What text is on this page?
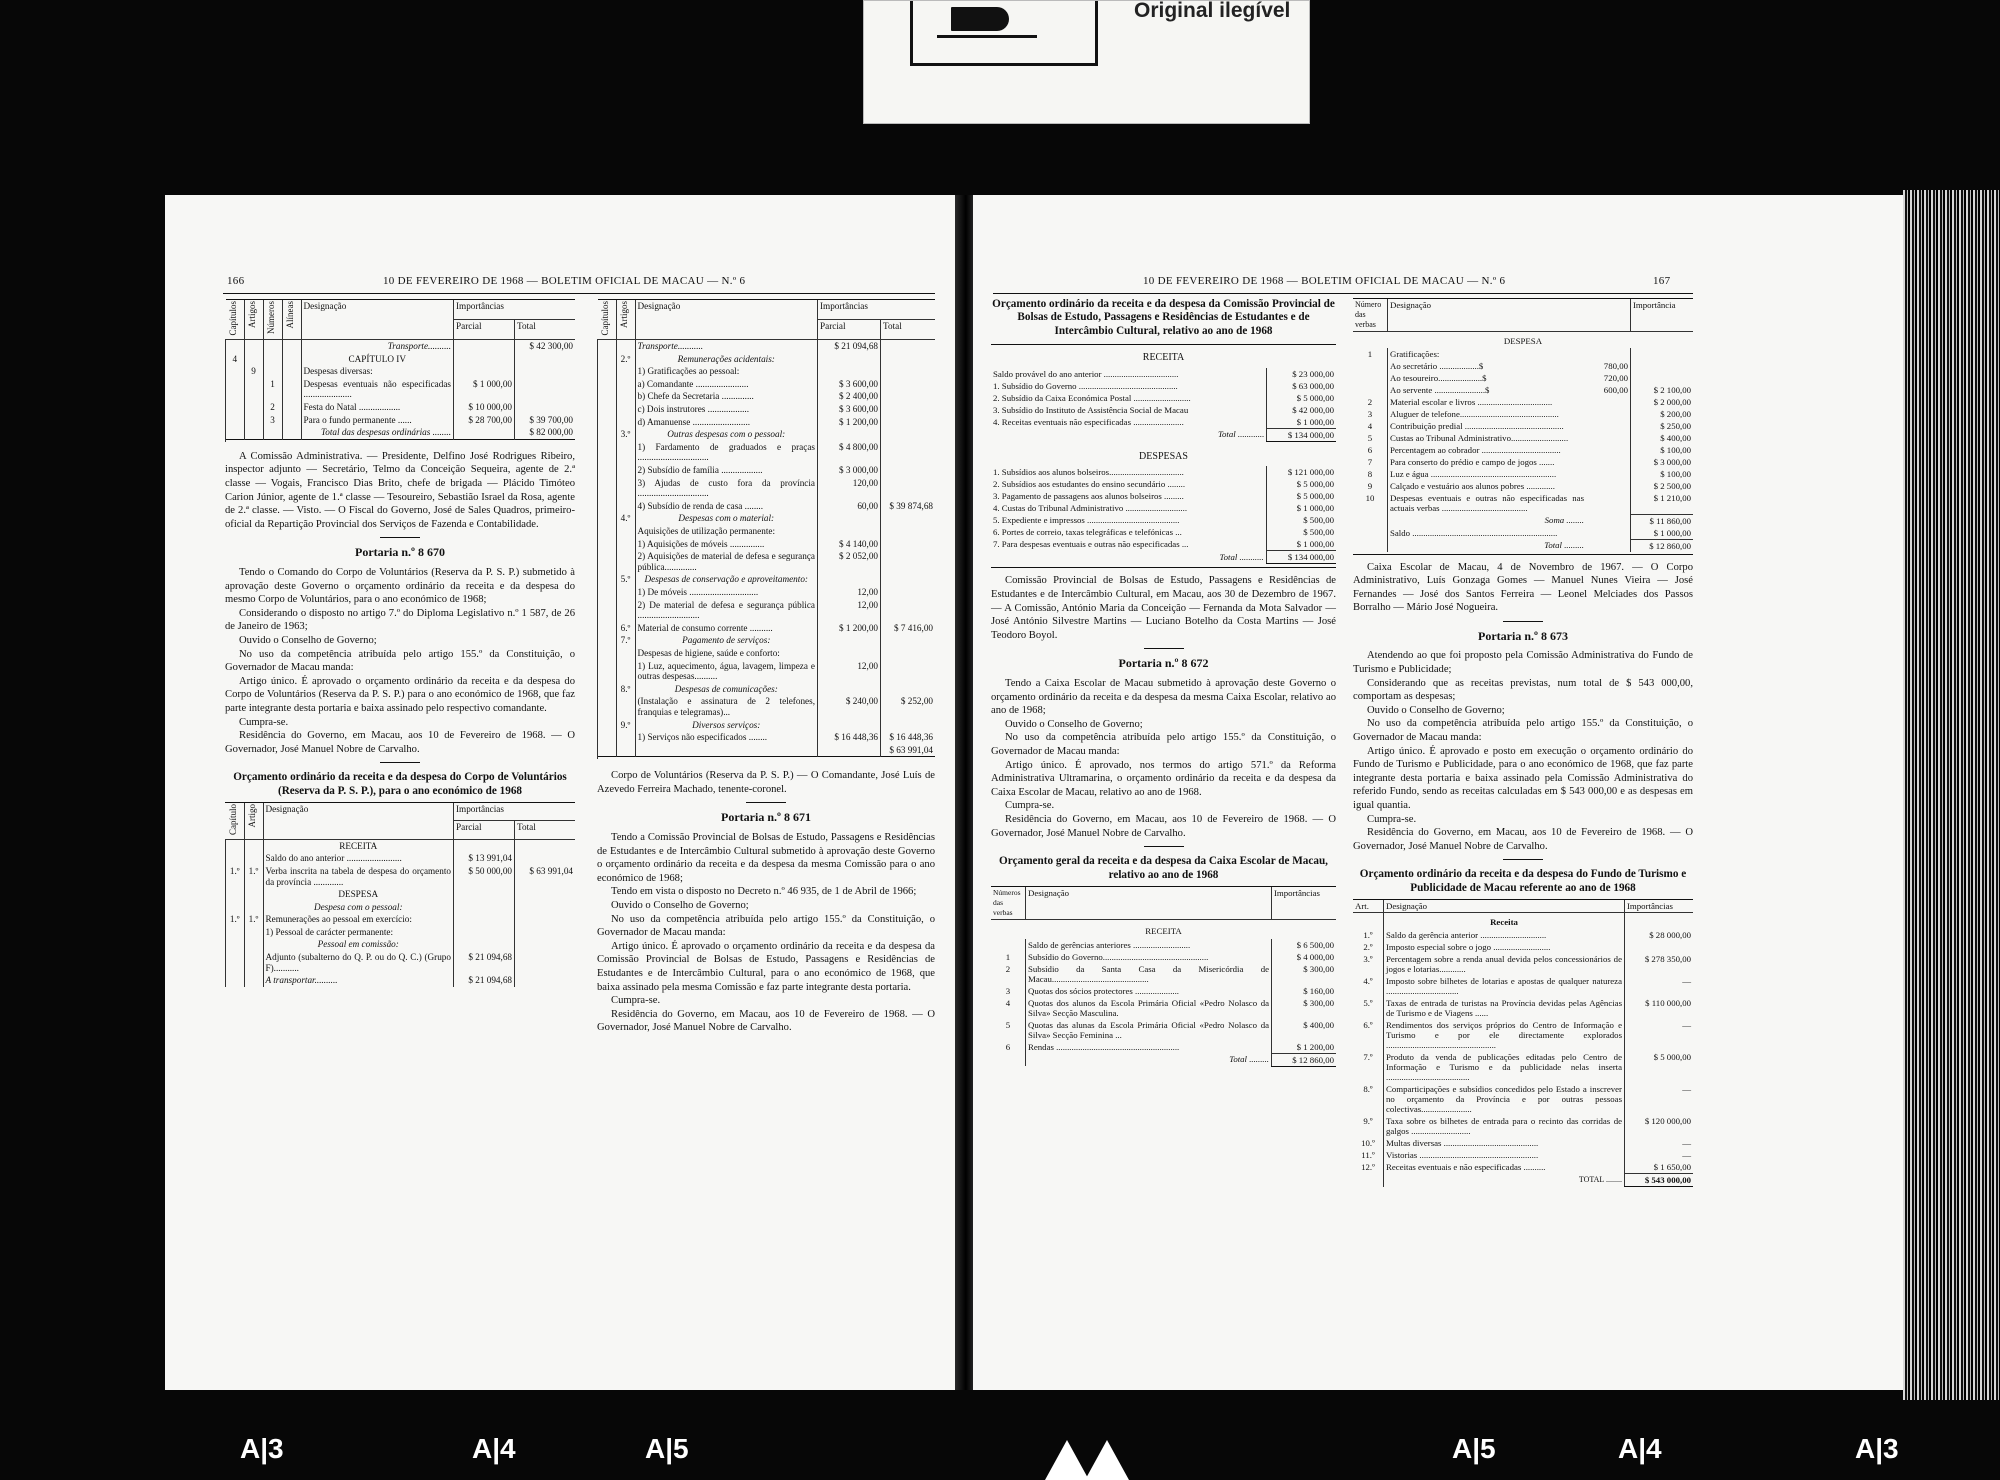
Original ilegível
166	10 DE FEVEREIRO DE 1968 — BOLETIM OFICIAL DE MACAU — N.º 6
Capítulos	Artigos	Números	Alíneas	Designação	Importâncias	
					Parcial	Total
				Transporte..........		$ 42 300,00
4				CAPÍTULO IV		
	9			Despesas diversas:		
		1		Despesas eventuais não especificadas .....................	$ 1 000,00	
		2		Festa do Natal ..................	$ 10 000,00	
		3		Para o fundo permanente ......	$ 28 700,00	$ 39 700,00
				Total das despesas ordinárias ........		$ 82 000,00

A Comissão Administrativa. — Presidente, Delfino José Rodrigues Ribeiro, inspector adjunto — Secretário, Telmo da Conceição Sequeira, agente de 2.ª classe — Vogais, Francisco Dias Brito, chefe de brigada — Plácido Timóteo Carion Júnior, agente de 1.ª classe — Tesoureiro, Sebastião Israel da Rosa, agente de 2.ª classe. — Visto. — O Fiscal do Governo, José de Sales Quadros, primeiro-oficial da Repartição Provincial dos Serviços de Fazenda e Contabilidade.

Portaria n.º 8 670

Tendo o Comando do Corpo de Voluntários (Reserva da P. S. P.) submetido à aprovação deste Governo o orçamento ordinário da receita e da despesa do mesmo Corpo de Voluntários, para o ano económico de 1968;

Considerando o disposto no artigo 7.º do Diploma Legislativo n.º 1 587, de 26 de Janeiro de 1963;

Ouvido o Conselho de Governo;

No uso da competência atribuída pelo artigo 155.º da Constituição, o Governador de Macau manda:

Artigo único. É aprovado o orçamento ordinário da receita e da despesa do Corpo de Voluntários (Reserva da P. S. P.) para o ano económico de 1968, que faz parte integrante desta portaria e baixa assinado pelo respectivo comandante.

Cumpra-se.

Residência do Governo, em Macau, aos 10 de Fevereiro de 1968. — O Governador, José Manuel Nobre de Carvalho.

Orçamento ordinário da receita e da despesa do Corpo de Voluntários (Reserva da P. S. P.), para o ano económico de 1968
Capítulo	Artigo	Designação	Importâncias	
			Parcial	Total
		RECEITA		
		Saldo do ano anterior ........................	$ 13 991,04	
1.º	1.º	Verba inscrita na tabela de despesa do orçamento da província .............	$ 50 000,00	$ 63 991,04
		DESPESA		
		Despesa com o pessoal:		
1.º	1.º	Remunerações ao pessoal em exercício:		
		1) Pessoal de carácter permanente:		
		Pessoal em comissão:		
		Adjunto (subalterno do Q. P. ou do Q. C.) (Grupo F)...........	$ 21 094,68	
		A transportar..........	$ 21 094,68	
Capítulos	Artigos	Designação	Importâncias	
			Parcial	Total
		Transporte...........	$ 21 094,68	
	2.º	Remunerações acidentais:		
		1) Gratificações ao pessoal:		
		a) Comandante .......................	$ 3 600,00	
		b) Chefe da Secretaria ..............	$ 2 400,00	
		c) Dois instrutores ..................	$ 3 600,00	
		d) Amanuense .........................	$ 1 200,00	
	3.º	Outras despesas com o pessoal:		
		1) Fardamento de graduados e praças ...............................	$ 4 800,00	
		2) Subsídio de família ..................	$ 3 000,00	
		3) Ajudas de custo fora da província ...............................	120,00	
		4) Subsídio de renda de casa ........	60,00	$ 39 874,68
	4.º	Despesas com o material:		
		Aquisições de utilização permanente:		
		1) Aquisições de móveis ...............	$ 4 140,00	
		2) Aquisições de material de defesa e segurança pública..............	$ 2 052,00	
	5.º	Despesas de conservação e aproveitamento:		
		1) De móveis ..............................	12,00	
		2) De material de defesa e segurança pública ...........................	12,00	
	6.º	Material de consumo corrente ..........	$ 1 200,00	$ 7 416,00
	7.º	Pagamento de serviços:		
		Despesas de higiene, saúde e conforto:		
		1) Luz, aquecimento, água, lavagem, limpeza e outras despesas..........	12,00	
	8.º	Despesas de comunicações:		
		(Instalação e assinatura de 2 telefones, franquias e telegramas)...	$ 240,00	$ 252,00
	9.º	Diversos serviços:		
		1) Serviços não especificados ........	$ 16 448,36	$ 16 448,36
				$ 63 991,04

Corpo de Voluntários (Reserva da P. S. P.) — O Comandante, José Luís de Azevedo Ferreira Machado, tenente-coronel.

Portaria n.º 8 671

Tendo a Comissão Provincial de Bolsas de Estudo, Passagens e Residências de Estudantes e de Intercâmbio Cultural submetido à aprovação deste Governo o orçamento ordinário da receita e da despesa da mesma Comissão para o ano económico de 1968;

Tendo em vista o disposto no Decreto n.º 46 935, de 1 de Abril de 1966;

Ouvido o Conselho de Governo;

No uso da competência atribuída pelo artigo 155.º da Constituição, o Governador de Macau manda:

Artigo único. É aprovado o orçamento ordinário da receita e da despesa da Comissão Provincial de Bolsas de Estudo, Passagens e Residências de Estudantes e de Intercâmbio Cultural, para o ano económico de 1968, que baixa assinado pela mesma Comissão e faz parte integrante desta portaria.

Cumpra-se.

Residência do Governo, em Macau, aos 10 de Fevereiro de 1968. — O Governador, José Manuel Nobre de Carvalho.

10 DE FEVEREIRO DE 1968 — BOLETIM OFICIAL DE MACAU — N.º 6	167
Orçamento ordinário da receita e da despesa da Comissão Provincial de Bolsas de Estudo, Passagens e Residências de Estudantes e de Intercâmbio Cultural, relativo ao ano de 1968
RECEITA
Saldo provável do ano anterior ..................................	$ 23 000,00
1. Subsídio do Governo .............................................	$ 63 000,00
2. Subsídio da Caixa Económica Postal ..........................	$ 5 000,00
3. Subsídio do Instituto de Assistência Social de Macau	$ 42 000,00
4. Receitas eventuais não especificadas .......................	$ 1 000,00
Total ............	$ 134 000,00
DESPESAS
1. Subsídios aos alunos bolseiros..................................	$ 121 000,00
2. Subsídios aos estudantes do ensino secundário ........	$ 5 000,00
3. Pagamento de passagens aos alunos bolseiros .........	$ 5 000,00
4. Custas do Tribunal Administrativo ............................	$ 1 000,00
5. Expediente e impressos ..........................................	$ 500,00
6. Portes de correio, taxas telegráficas e telefónicas ...	$ 500,00
7. Para despesas eventuais e outras não especificadas ...	$ 1 000,00
Total ...........	$ 134 000,00

Comissão Provincial de Bolsas de Estudo, Passagens e Residências de Estudantes e de Intercâmbio Cultural, em Macau, aos 30 de Dezembro de 1967. — A Comissão, António Maria da Conceição — Fernanda da Mota Salvador — José António Silvestre Martins — Luciano Botelho da Costa Martins — José Teodoro Boyol.

Portaria n.º 8 672

Tendo a Caixa Escolar de Macau submetido à aprovação deste Governo o orçamento ordinário da receita e da despesa da mesma Caixa Escolar, relativo ao ano de 1968;

Ouvido o Conselho de Governo;

No uso da competência atribuída pelo artigo 155.º da Constituição, o Governador de Macau manda:

Artigo único. É aprovado, nos termos do artigo 571.º da Reforma Administrativa Ultramarina, o orçamento ordinário da receita e da despesa da Caixa Escolar de Macau, relativo ao ano de 1968.

Cumpra-se.

Residência do Governo, em Macau, aos 10 de Fevereiro de 1968. — O Governador, José Manuel Nobre de Carvalho.

Orçamento geral da receita e da despesa da Caixa Escolar de Macau, relativo ao ano de 1968
Números das verbas	Designação	Importâncias
RECEITA		
	Saldo de gerências anteriores ..........................	$ 6 500,00
1	Subsídio do Governo................................................	$ 4 000,00
2	Subsídio da Santa Casa da Misericórdia de Macau............................................	$ 300,00
3	Quotas dos sócios protectores ....................	$ 160,00
4	Quotas dos alunos da Escola Primária Oficial «Pedro Nolasco da Silva» Secção Masculina.	$ 300,00
5	Quotas das alunas da Escola Primária Oficial «Pedro Nolasco da Silva» Secção Feminina ...	$ 400,00
6	Rendas ........................................................	$ 1 200,00
	Total .........	$ 12 860,00
Número das verbas	Designação		Importância
DESPESA			
1	Gratificações:		
	Ao secretário ..................$	780,00	
	Ao tesoureiro....................$	720,00	
	Ao servente .......................$	600,00	$ 2 100,00
2	Material escolar e livros ..................................		$ 2 000,00
3	Aluguer de telefone.............................................		$ 200,00
4	Contribuição predial .............................................		$ 250,00
5	Custas ao Tribunal Administrativo..........................		$ 400,00
6	Percentagem ao cobrador ....................................		$ 100,00
7	Para conserto do prédio e campo de jogos .......		$ 3 000,00
8	Luz e água .........................................................		$ 100,00
9	Calçado e vestuário aos alunos pobres .............		$ 2 500,00
10	Despesas eventuais e outras não especificadas nas actuais verbas .......................................		$ 1 210,00
	Soma ........		$ 11 860,00
	Saldo ..................................................................		$ 1 000,00
	Total .........		$ 12 860,00

Caixa Escolar de Macau, 4 de Novembro de 1967. — O Corpo Administrativo, Luís Gonzaga Gomes — Manuel Nunes Vieira — José Fernandes — José dos Santos Ferreira — Leonel Melciades dos Passos Borralho — Mário José Nogueira.

Portaria n.º 8 673

Atendendo ao que foi proposto pela Comissão Administrativa do Fundo de Turismo e Publicidade;

Considerando que as receitas previstas, num total de $ 543 000,00, comportam as despesas;

Ouvido o Conselho de Governo;

No uso da competência atribuída pelo artigo 155.º da Constituição, o Governador de Macau manda:

Artigo único. É aprovado e posto em execução o orçamento ordinário do Fundo de Turismo e Publicidade, para o ano económico de 1968, que faz parte integrante desta portaria e baixa assinado pela Comissão Administrativa do referido Fundo, sendo as receitas calculadas em $ 543 000,00 e as despesas em igual quantia.

Cumpra-se.

Residência do Governo, em Macau, aos 10 de Fevereiro de 1968. — O Governador, José Manuel Nobre de Carvalho.

Orçamento ordinário da receita e da despesa do Fundo de Turismo e Publicidade de Macau referente ao ano de 1968
Art.	Designação	Importâncias
	Receita	
1.º	Saldo da gerência anterior ..............................	$ 28 000,00
2.º	Imposto especial sobre o jogo ..........................	
3.º	Percentagem sobre a renda anual devida pelos concessionários de jogos e lotarias............	$ 278 350,00
4.º	Imposto sobre bilhetes de lotarias e apostas de qualquer natureza .................................	—
5.º	Taxas de entrada de turistas na Província devidas pelas Agências de Turismo e de Viagens ......	$ 110 000,00
6.º	Rendimentos dos serviços próprios do Centro de Informação e Turismo e por ele directamente explorados ..................................................	—
7.º	Produto da venda de publicações editadas pelo Centro de Informação e Turismo e da publicidade nelas inserta ......................................	$ 5 000,00
8.º	Comparticipações e subsídios concedidos pelo Estado a inscrever no orçamento da Província e por outras pessoas colectivas.......................	—
9.º	Taxa sobre os bilhetes de entrada para o recinto das corridas de galgos ...........................	$ 120 000,00
10.º	Multas diversas ...........................................	—
11.º	Vistorias ......................................................	—
12.º	Receitas eventuais e não especificadas ..........	$ 1 650,00
	TOTAL ........	$ 543 000,00
A|3	A|4	A|5	A|5	A|4	A|3
